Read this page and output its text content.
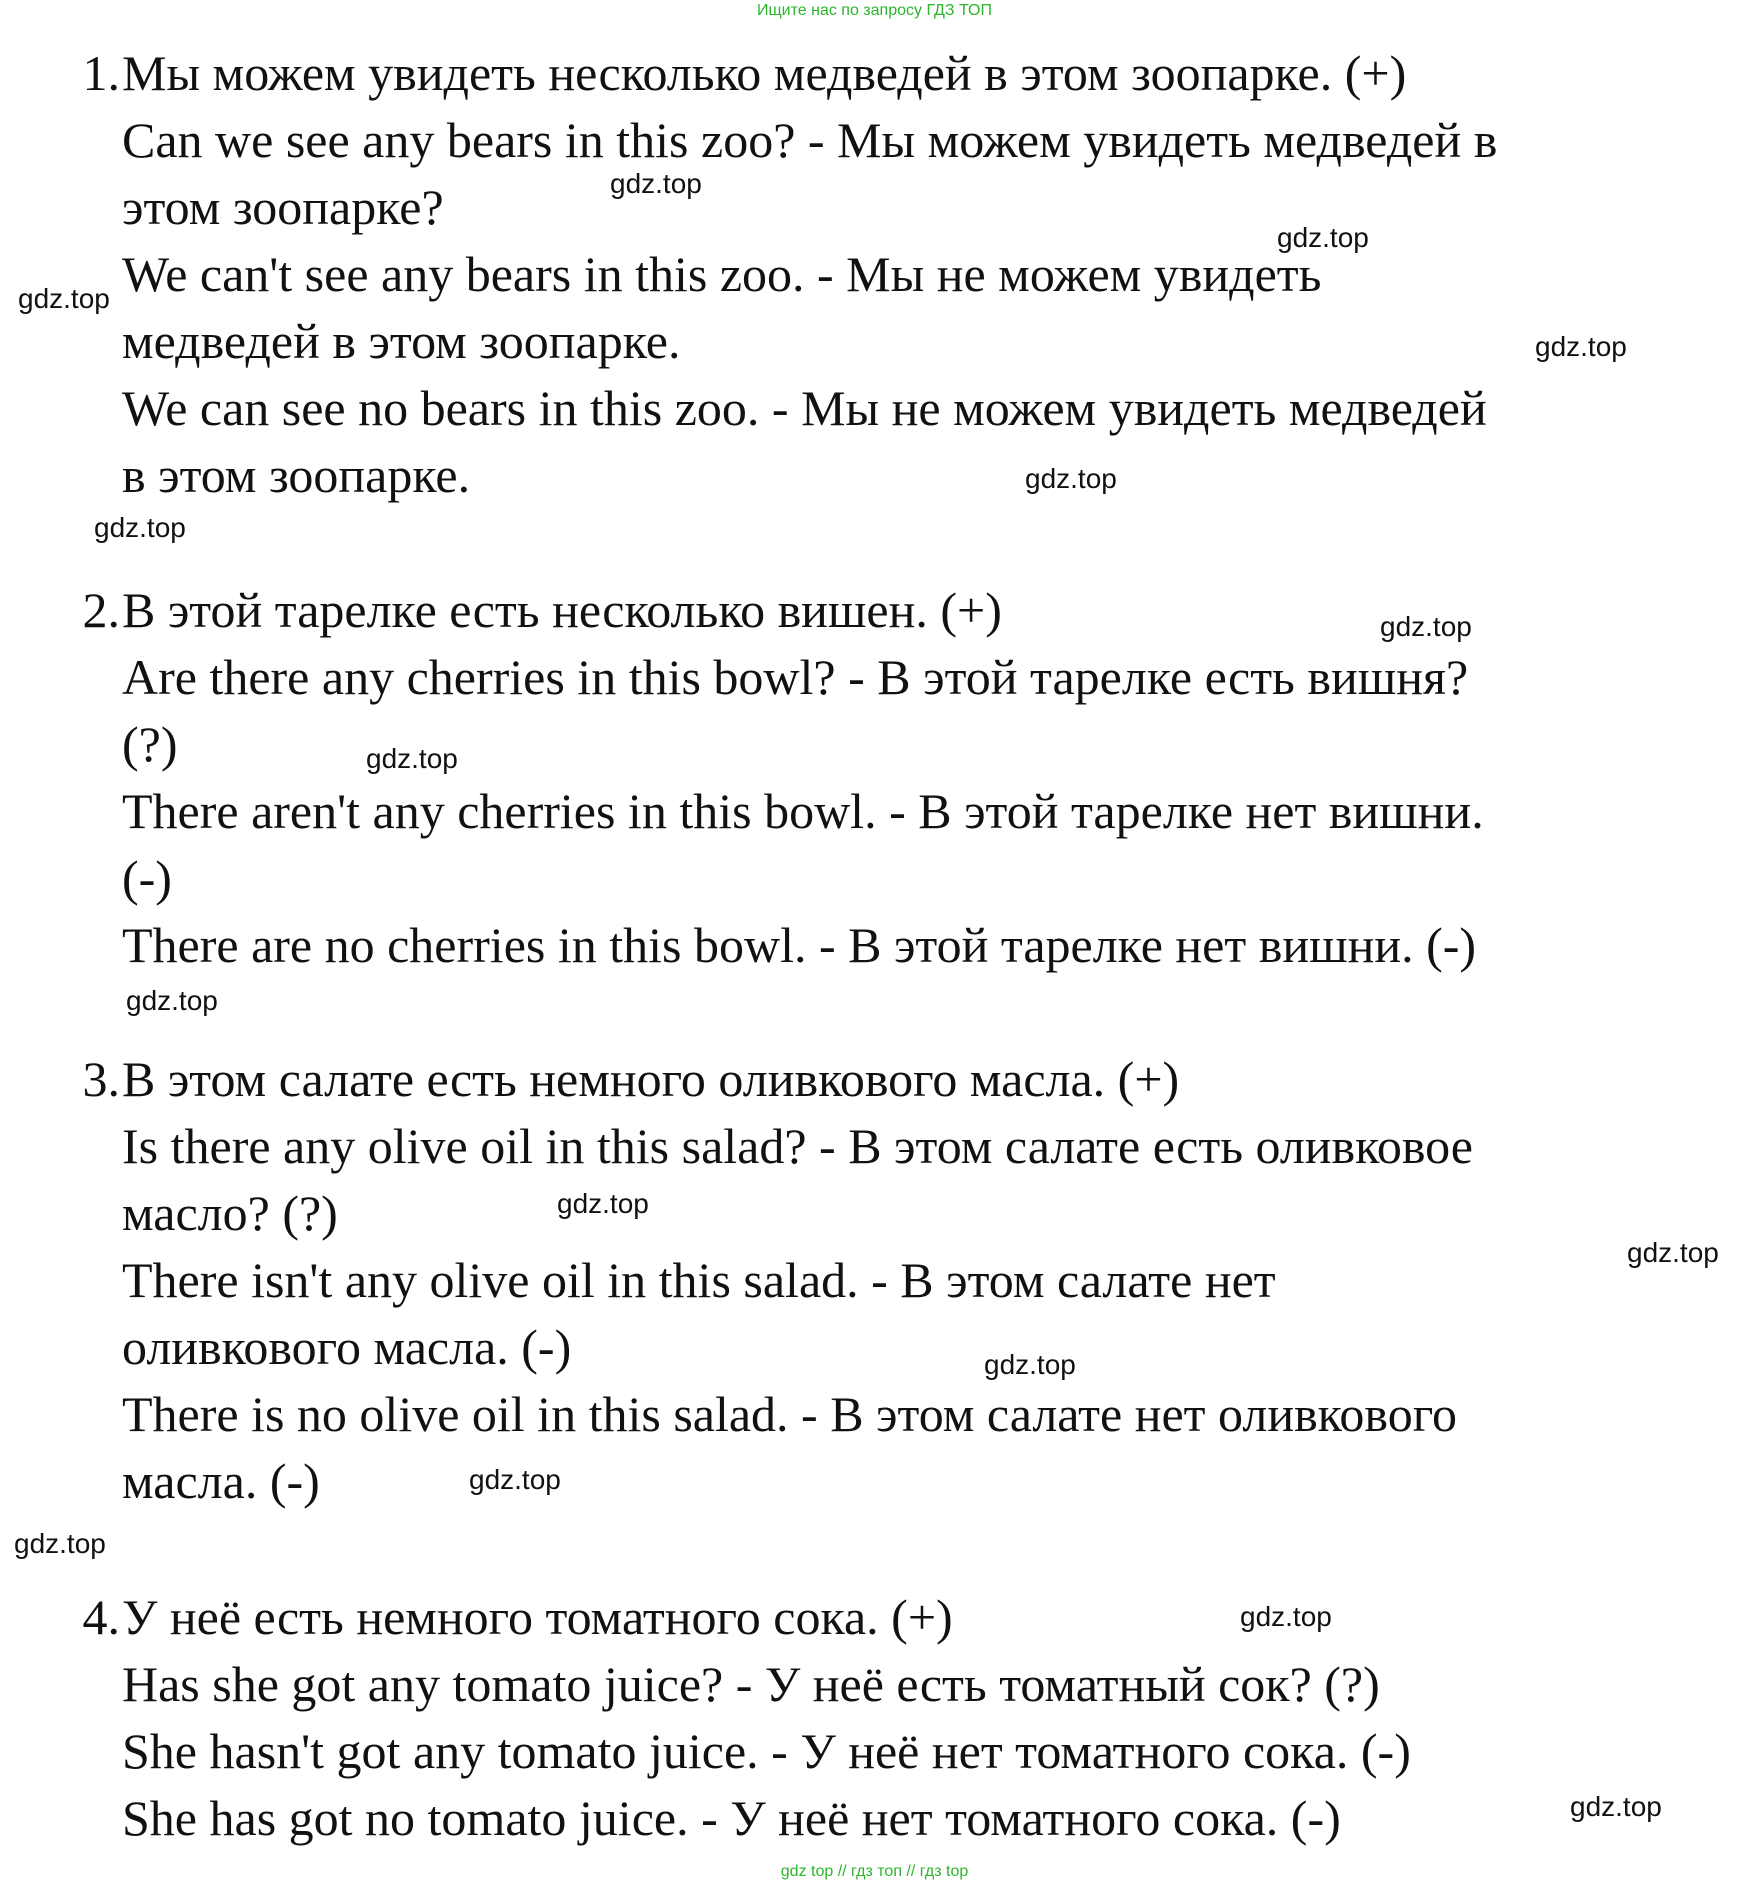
Ищите нас по запросу ГДЗ ТОП
1. Мы можем увидеть несколько медведей в этом зоопарке. (+)
Can we see any bears in this zoo? - Мы можем увидеть медведей в
этом зоопарке?
We can't see any bears in this zoo. - Мы не можем увидеть
медведей в этом зоопарке.
We can see no bears in this zoo. - Мы не можем увидеть медведей
в этом зоопарке.
2. В этой тарелке есть несколько вишен. (+)
Are there any cherries in this bowl? - В этой тарелке есть вишня?
(?)
There aren't any cherries in this bowl. - В этой тарелке нет вишни.
(-)
There are no cherries in this bowl. - В этой тарелке нет вишни. (-)
3. В этом салате есть немного оливкового масла. (+)
Is there any olive oil in this salad? - В этом салате есть оливковое
масло? (?)
There isn't any olive oil in this salad. - В этом салате нет
оливкового масла. (-)
There is no olive oil in this salad. - В этом салате нет оливкового
масла. (-)
4. У неё есть немного томатного сока. (+)
Has she got any tomato juice? - У неё есть томатный сок? (?)
She hasn't got any tomato juice. - У неё нет томатного сока. (-)
She has got no tomato juice. - У неё нет томатного сока. (-)
gdz.top
gdz.top
gdz.top
gdz.top
gdz.top
gdz.top
gdz.top
gdz.top
gdz.top
gdz.top
gdz.top
gdz.top
gdz.top
gdz.top
gdz.top
gdz.top
gdz top // гдз топ // гдз top
